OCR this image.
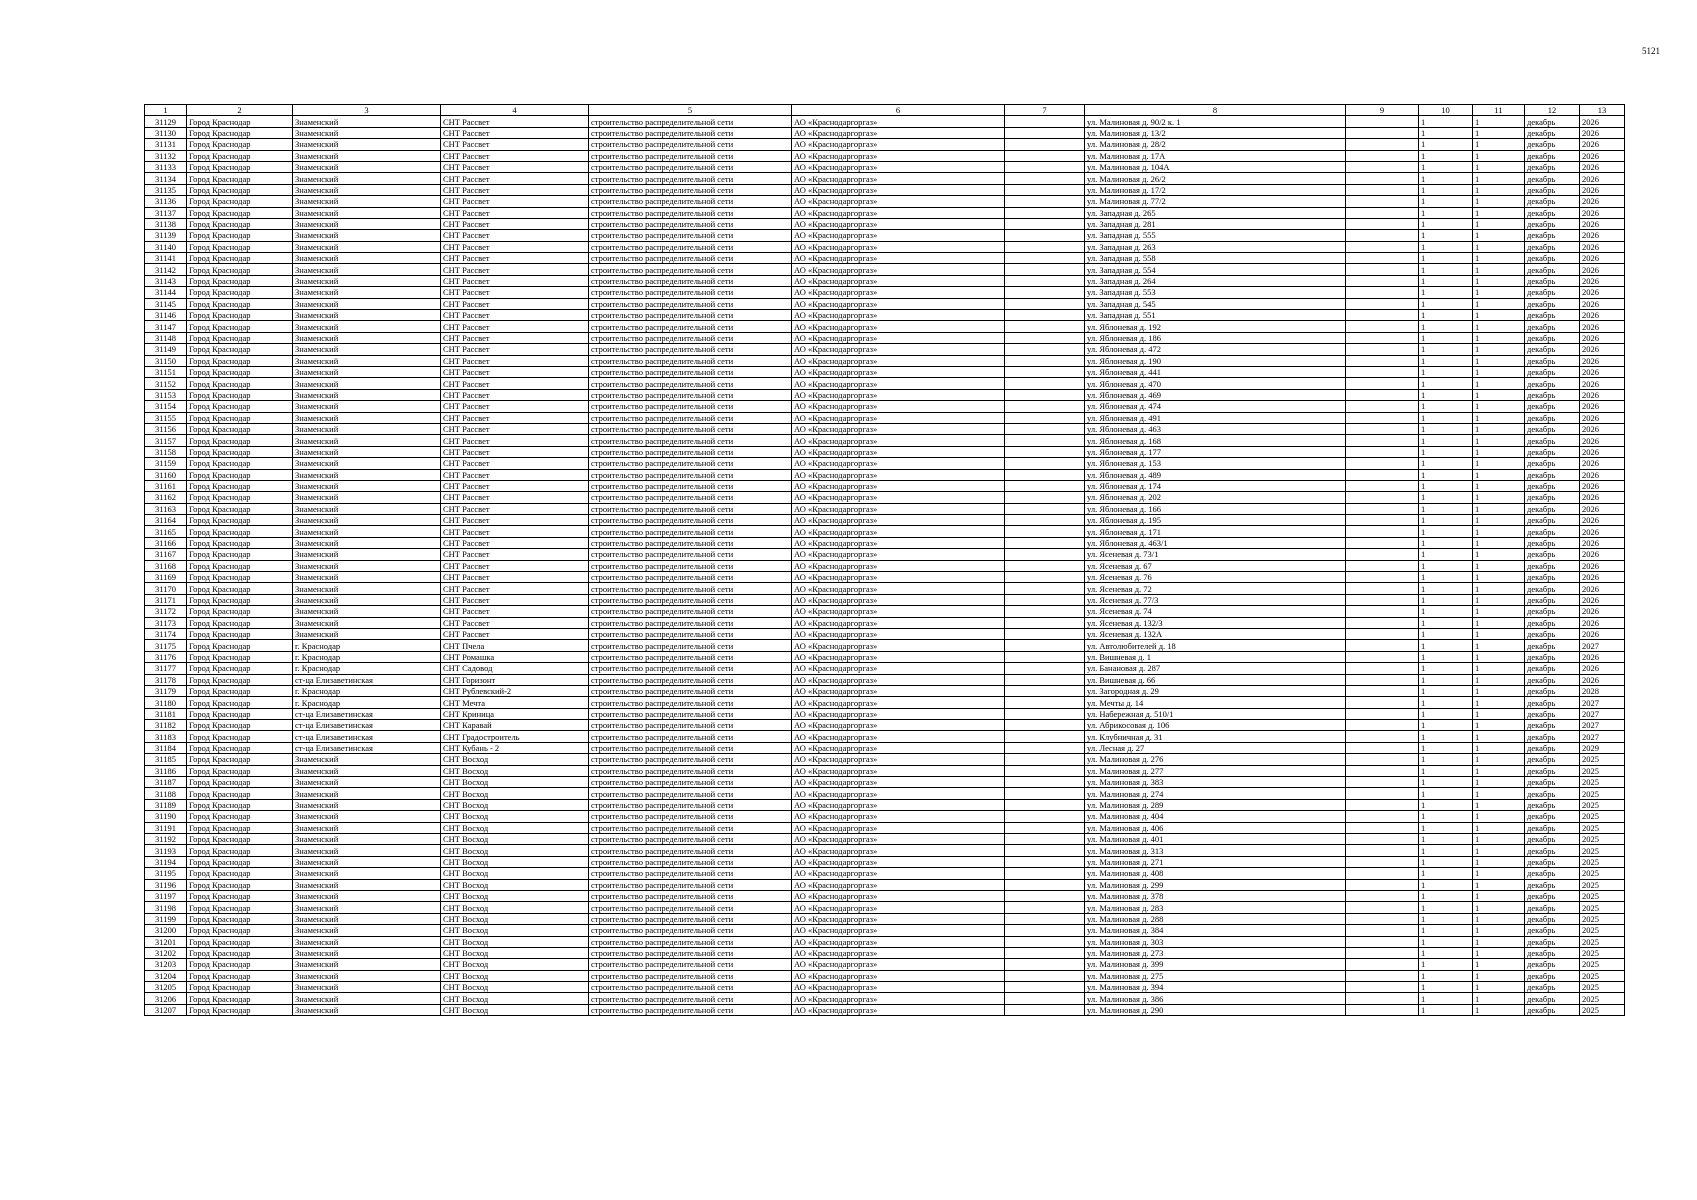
5121
1	2	3	4	5	6	7	8	9	10	11	12	13
31129	Город Краснодар	Знаменский	СНТ Рассвет	строительство распределительной сети	АО «Краснодаргоргаз»		ул. Малиновая д. 90/2 к. 1		1	1	декабрь	2026
31130	Город Краснодар	Знаменский	СНТ Рассвет	строительство распределительной сети	АО «Краснодаргоргаз»		ул. Малиновая д. 13/2		1	1	декабрь	2026
31131	Город Краснодар	Знаменский	СНТ Рассвет	строительство распределительной сети	АО «Краснодаргоргаз»		ул. Малиновая д. 28/2		1	1	декабрь	2026
31132	Город Краснодар	Знаменский	СНТ Рассвет	строительство распределительной сети	АО «Краснодаргоргаз»		ул. Малиновая д. 17А		1	1	декабрь	2026
31133	Город Краснодар	Знаменский	СНТ Рассвет	строительство распределительной сети	АО «Краснодаргоргаз»		ул. Малиновая д. 104А		1	1	декабрь	2026
31134	Город Краснодар	Знаменский	СНТ Рассвет	строительство распределительной сети	АО «Краснодаргоргаз»		ул. Малиновая д. 26/2		1	1	декабрь	2026
31135	Город Краснодар	Знаменский	СНТ Рассвет	строительство распределительной сети	АО «Краснодаргоргаз»		ул. Малиновая д. 17/2		1	1	декабрь	2026
31136	Город Краснодар	Знаменский	СНТ Рассвет	строительство распределительной сети	АО «Краснодаргоргаз»		ул. Малиновая д. 77/2		1	1	декабрь	2026
31137	Город Краснодар	Знаменский	СНТ Рассвет	строительство распределительной сети	АО «Краснодаргоргаз»		ул. Западная д. 265		1	1	декабрь	2026
31138	Город Краснодар	Знаменский	СНТ Рассвет	строительство распределительной сети	АО «Краснодаргоргаз»		ул. Западная д. 281		1	1	декабрь	2026
31139	Город Краснодар	Знаменский	СНТ Рассвет	строительство распределительной сети	АО «Краснодаргоргаз»		ул. Западная д. 555		1	1	декабрь	2026
31140	Город Краснодар	Знаменский	СНТ Рассвет	строительство распределительной сети	АО «Краснодаргоргаз»		ул. Западная д. 263		1	1	декабрь	2026
31141	Город Краснодар	Знаменский	СНТ Рассвет	строительство распределительной сети	АО «Краснодаргоргаз»		ул. Западная д. 558		1	1	декабрь	2026
31142	Город Краснодар	Знаменский	СНТ Рассвет	строительство распределительной сети	АО «Краснодаргоргаз»		ул. Западная д. 554		1	1	декабрь	2026
31143	Город Краснодар	Знаменский	СНТ Рассвет	строительство распределительной сети	АО «Краснодаргоргаз»		ул. Западная д. 264		1	1	декабрь	2026
31144	Город Краснодар	Знаменский	СНТ Рассвет	строительство распределительной сети	АО «Краснодаргоргаз»		ул. Западная д. 553		1	1	декабрь	2026
31145	Город Краснодар	Знаменский	СНТ Рассвет	строительство распределительной сети	АО «Краснодаргоргаз»		ул. Западная д. 545		1	1	декабрь	2026
31146	Город Краснодар	Знаменский	СНТ Рассвет	строительство распределительной сети	АО «Краснодаргоргаз»		ул. Западная д. 551		1	1	декабрь	2026
31147	Город Краснодар	Знаменский	СНТ Рассвет	строительство распределительной сети	АО «Краснодаргоргаз»		ул. Яблоневая д. 192		1	1	декабрь	2026
31148	Город Краснодар	Знаменский	СНТ Рассвет	строительство распределительной сети	АО «Краснодаргоргаз»		ул. Яблоневая д. 186		1	1	декабрь	2026
31149	Город Краснодар	Знаменский	СНТ Рассвет	строительство распределительной сети	АО «Краснодаргоргаз»		ул. Яблоневая д. 472		1	1	декабрь	2026
31150	Город Краснодар	Знаменский	СНТ Рассвет	строительство распределительной сети	АО «Краснодаргоргаз»		ул. Яблоневая д. 190		1	1	декабрь	2026
31151	Город Краснодар	Знаменский	СНТ Рассвет	строительство распределительной сети	АО «Краснодаргоргаз»		ул. Яблоневая д. 441		1	1	декабрь	2026
31152	Город Краснодар	Знаменский	СНТ Рассвет	строительство распределительной сети	АО «Краснодаргоргаз»		ул. Яблоневая д. 470		1	1	декабрь	2026
31153	Город Краснодар	Знаменский	СНТ Рассвет	строительство распределительной сети	АО «Краснодаргоргаз»		ул. Яблоневая д. 469		1	1	декабрь	2026
31154	Город Краснодар	Знаменский	СНТ Рассвет	строительство распределительной сети	АО «Краснодаргоргаз»		ул. Яблоневая д. 474		1	1	декабрь	2026
31155	Город Краснодар	Знаменский	СНТ Рассвет	строительство распределительной сети	АО «Краснодаргоргаз»		ул. Яблоневая д. 491		1	1	декабрь	2026
31156	Город Краснодар	Знаменский	СНТ Рассвет	строительство распределительной сети	АО «Краснодаргоргаз»		ул. Яблоневая д. 463		1	1	декабрь	2026
31157	Город Краснодар	Знаменский	СНТ Рассвет	строительство распределительной сети	АО «Краснодаргоргаз»		ул. Яблоневая д. 168		1	1	декабрь	2026
31158	Город Краснодар	Знаменский	СНТ Рассвет	строительство распределительной сети	АО «Краснодаргоргаз»		ул. Яблоневая д. 177		1	1	декабрь	2026
31159	Город Краснодар	Знаменский	СНТ Рассвет	строительство распределительной сети	АО «Краснодаргоргаз»		ул. Яблоневая д. 153		1	1	декабрь	2026
31160	Город Краснодар	Знаменский	СНТ Рассвет	строительство распределительной сети	АО «Краснодаргоргаз»		ул. Яблоневая д. 489		1	1	декабрь	2026
31161	Город Краснодар	Знаменский	СНТ Рассвет	строительство распределительной сети	АО «Краснодаргоргаз»		ул. Яблоневая д. 174		1	1	декабрь	2026
31162	Город Краснодар	Знаменский	СНТ Рассвет	строительство распределительной сети	АО «Краснодаргоргаз»		ул. Яблоневая д. 202		1	1	декабрь	2026
31163	Город Краснодар	Знаменский	СНТ Рассвет	строительство распределительной сети	АО «Краснодаргоргаз»		ул. Яблоневая д. 166		1	1	декабрь	2026
31164	Город Краснодар	Знаменский	СНТ Рассвет	строительство распределительной сети	АО «Краснодаргоргаз»		ул. Яблоневая д. 195		1	1	декабрь	2026
31165	Город Краснодар	Знаменский	СНТ Рассвет	строительство распределительной сети	АО «Краснодаргоргаз»		ул. Яблоневая д. 171		1	1	декабрь	2026
31166	Город Краснодар	Знаменский	СНТ Рассвет	строительство распределительной сети	АО «Краснодаргоргаз»		ул. Яблоневая д. 463/1		1	1	декабрь	2026
31167	Город Краснодар	Знаменский	СНТ Рассвет	строительство распределительной сети	АО «Краснодаргоргаз»		ул. Ясеневая д. 73/1		1	1	декабрь	2026
31168	Город Краснодар	Знаменский	СНТ Рассвет	строительство распределительной сети	АО «Краснодаргоргаз»		ул. Ясеневая д. 67		1	1	декабрь	2026
31169	Город Краснодар	Знаменский	СНТ Рассвет	строительство распределительной сети	АО «Краснодаргоргаз»		ул. Ясеневая д. 76		1	1	декабрь	2026
31170	Город Краснодар	Знаменский	СНТ Рассвет	строительство распределительной сети	АО «Краснодаргоргаз»		ул. Ясеневая д. 72		1	1	декабрь	2026
31171	Город Краснодар	Знаменский	СНТ Рассвет	строительство распределительной сети	АО «Краснодаргоргаз»		ул. Ясеневая д. 77/3		1	1	декабрь	2026
31172	Город Краснодар	Знаменский	СНТ Рассвет	строительство распределительной сети	АО «Краснодаргоргаз»		ул. Ясеневая д. 74		1	1	декабрь	2026
31173	Город Краснодар	Знаменский	СНТ Рассвет	строительство распределительной сети	АО «Краснодаргоргаз»		ул. Ясеневая д. 132/3		1	1	декабрь	2026
31174	Город Краснодар	Знаменский	СНТ Рассвет	строительство распределительной сети	АО «Краснодаргоргаз»		ул. Ясеневая д. 132А		1	1	декабрь	2026
31175	Город Краснодар	г. Краснодар	СНТ Пчела	строительство распределительной сети	АО «Краснодаргоргаз»		ул. Автолюбителей д. 18		1	1	декабрь	2027
31176	Город Краснодар	г. Краснодар	СНТ Ромашка	строительство распределительной сети	АО «Краснодаргоргаз»		ул. Вишневая д. 1		1	1	декабрь	2026
31177	Город Краснодар	г. Краснодар	СНТ Садовод	строительство распределительной сети	АО «Краснодаргоргаз»		ул. Банановая д. 287		1	1	декабрь	2026
31178	Город Краснодар	ст-ца Елизаветинская	СНТ Горизонт	строительство распределительной сети	АО «Краснодаргоргаз»		ул. Вишневая д. 66		1	1	декабрь	2026
31179	Город Краснодар	г. Краснодар	СНТ Рублевский-2	строительство распределительной сети	АО «Краснодаргоргаз»		ул. Загородная д. 29		1	1	декабрь	2028
31180	Город Краснодар	г. Краснодар	СНТ Мечта	строительство распределительной сети	АО «Краснодаргоргаз»		ул. Мечты д. 14		1	1	декабрь	2027
31181	Город Краснодар	ст-ца Елизаветинская	СНТ Криница	строительство распределительной сети	АО «Краснодаргоргаз»		ул. Набережная д. 510/1		1	1	декабрь	2027
31182	Город Краснодар	ст-ца Елизаветинская	СНТ Каравай	строительство распределительной сети	АО «Краснодаргоргаз»		ул. Абрикосовая д. 106		1	1	декабрь	2027
31183	Город Краснодар	ст-ца Елизаветинская	СНТ Градостроитель	строительство распределительной сети	АО «Краснодаргоргаз»		ул. Клубничная д. 31		1	1	декабрь	2027
31184	Город Краснодар	ст-ца Елизаветинская	СНТ Кубань - 2	строительство распределительной сети	АО «Краснодаргоргаз»		ул. Лесная д. 27		1	1	декабрь	2029
31185	Город Краснодар	Знаменский	СНТ Восход	строительство распределительной сети	АО «Краснодаргоргаз»		ул. Малиновая д. 276		1	1	декабрь	2025
31186	Город Краснодар	Знаменский	СНТ Восход	строительство распределительной сети	АО «Краснодаргоргаз»		ул. Малиновая д. 277		1	1	декабрь	2025
31187	Город Краснодар	Знаменский	СНТ Восход	строительство распределительной сети	АО «Краснодаргоргаз»		ул. Малиновая д. 383		1	1	декабрь	2025
31188	Город Краснодар	Знаменский	СНТ Восход	строительство распределительной сети	АО «Краснодаргоргаз»		ул. Малиновая д. 274		1	1	декабрь	2025
31189	Город Краснодар	Знаменский	СНТ Восход	строительство распределительной сети	АО «Краснодаргоргаз»		ул. Малиновая д. 289		1	1	декабрь	2025
31190	Город Краснодар	Знаменский	СНТ Восход	строительство распределительной сети	АО «Краснодаргоргаз»		ул. Малиновая д. 404		1	1	декабрь	2025
31191	Город Краснодар	Знаменский	СНТ Восход	строительство распределительной сети	АО «Краснодаргоргаз»		ул. Малиновая д. 406		1	1	декабрь	2025
31192	Город Краснодар	Знаменский	СНТ Восход	строительство распределительной сети	АО «Краснодаргоргаз»		ул. Малиновая д. 401		1	1	декабрь	2025
31193	Город Краснодар	Знаменский	СНТ Восход	строительство распределительной сети	АО «Краснодаргоргаз»		ул. Малиновая д. 313		1	1	декабрь	2025
31194	Город Краснодар	Знаменский	СНТ Восход	строительство распределительной сети	АО «Краснодаргоргаз»		ул. Малиновая д. 271		1	1	декабрь	2025
31195	Город Краснодар	Знаменский	СНТ Восход	строительство распределительной сети	АО «Краснодаргоргаз»		ул. Малиновая д. 408		1	1	декабрь	2025
31196	Город Краснодар	Знаменский	СНТ Восход	строительство распределительной сети	АО «Краснодаргоргаз»		ул. Малиновая д. 299		1	1	декабрь	2025
31197	Город Краснодар	Знаменский	СНТ Восход	строительство распределительной сети	АО «Краснодаргоргаз»		ул. Малиновая д. 378		1	1	декабрь	2025
31198	Город Краснодар	Знаменский	СНТ Восход	строительство распределительной сети	АО «Краснодаргоргаз»		ул. Малиновая д. 283		1	1	декабрь	2025
31199	Город Краснодар	Знаменский	СНТ Восход	строительство распределительной сети	АО «Краснодаргоргаз»		ул. Малиновая д. 288		1	1	декабрь	2025
31200	Город Краснодар	Знаменский	СНТ Восход	строительство распределительной сети	АО «Краснодаргоргаз»		ул. Малиновая д. 384		1	1	декабрь	2025
31201	Город Краснодар	Знаменский	СНТ Восход	строительство распределительной сети	АО «Краснодаргоргаз»		ул. Малиновая д. 303		1	1	декабрь	2025
31202	Город Краснодар	Знаменский	СНТ Восход	строительство распределительной сети	АО «Краснодаргоргаз»		ул. Малиновая д. 273		1	1	декабрь	2025
31203	Город Краснодар	Знаменский	СНТ Восход	строительство распределительной сети	АО «Краснодаргоргаз»		ул. Малиновая д. 399		1	1	декабрь	2025
31204	Город Краснодар	Знаменский	СНТ Восход	строительство распределительной сети	АО «Краснодаргоргаз»		ул. Малиновая д. 275		1	1	декабрь	2025
31205	Город Краснодар	Знаменский	СНТ Восход	строительство распределительной сети	АО «Краснодаргоргаз»		ул. Малиновая д. 394		1	1	декабрь	2025
31206	Город Краснодар	Знаменский	СНТ Восход	строительство распределительной сети	АО «Краснодаргоргаз»		ул. Малиновая д. 386		1	1	декабрь	2025
31207	Город Краснодар	Знаменский	СНТ Восход	строительство распределительной сети	АО «Краснодаргоргаз»		ул. Малиновая д. 290		1	1	декабрь	2025
